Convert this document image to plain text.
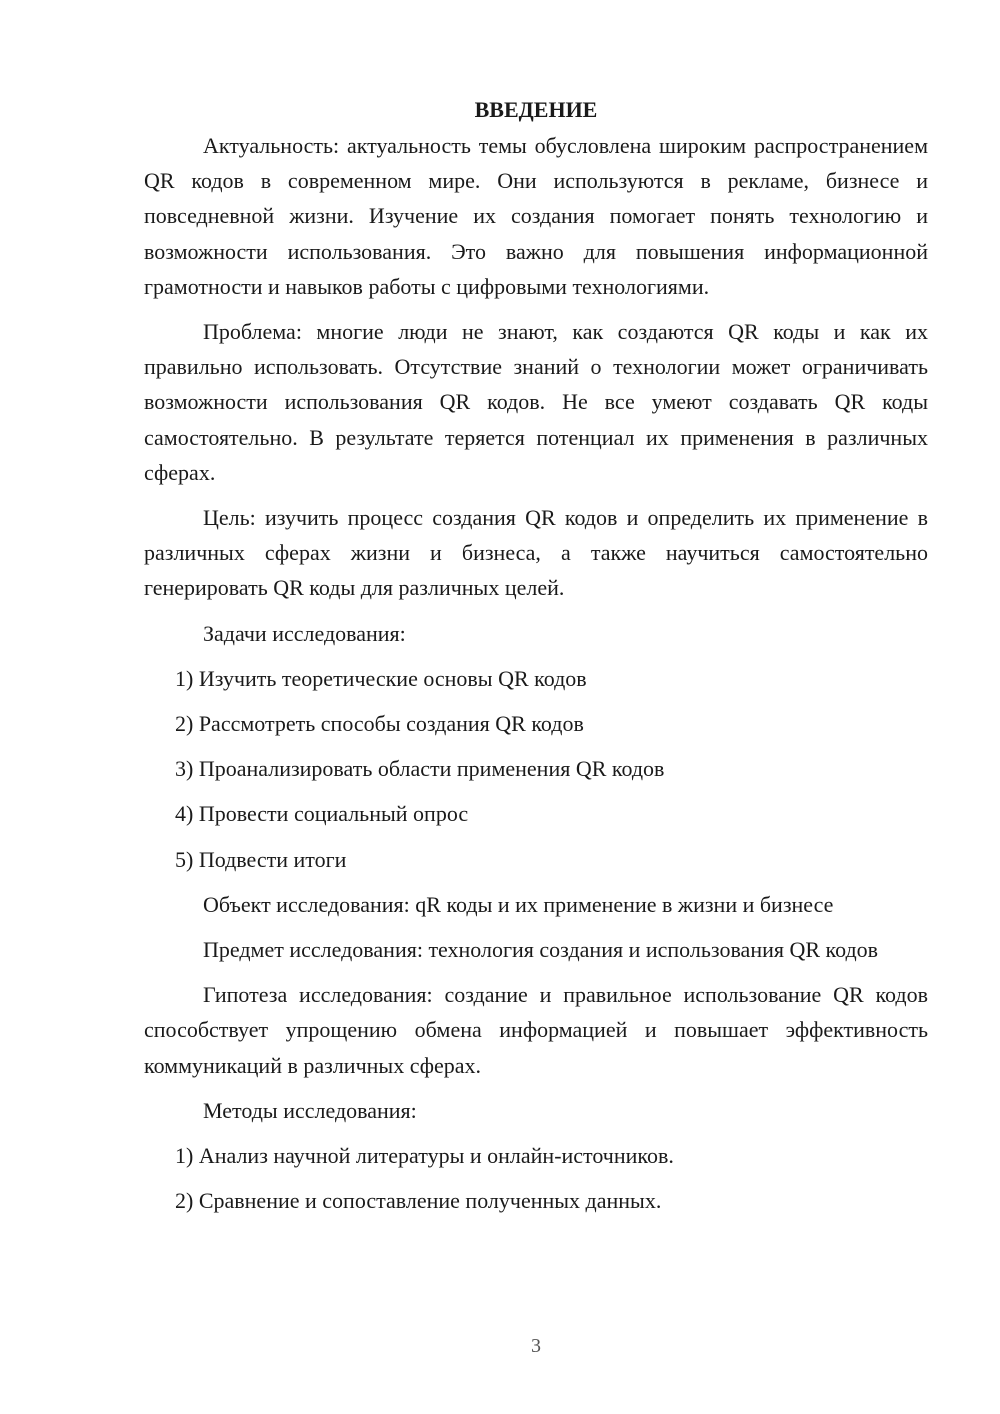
ВВЕДЕНИЕ

Актуальность: актуальность темы обусловлена широким распространением QR кодов в современном мире. Они используются в рекламе, бизнесе и повседневной жизни. Изучение их создания помогает понять технологию и возможности использования. Это важно для повышения информационной грамотности и навыков работы с цифровыми технологиями.

Проблема: многие люди не знают, как создаются QR коды и как их правильно использовать. Отсутствие знаний о технологии может ограничивать возможности использования QR кодов. Не все умеют создавать QR коды самостоятельно. В результате теряется потенциал их применения в различных сферах.

Цель: изучить процесс создания QR кодов и определить их применение в различных сферах жизни и бизнеса, а также научиться самостоятельно генерировать QR коды для различных целей.

Задачи исследования:

1) Изучить теоретические основы QR кодов
2) Рассмотреть способы создания QR кодов
3) Проанализировать области применения QR кодов
4) Провести социальный опрос
5) Подвести итоги

Объект исследования: qR коды и их применение в жизни и бизнесе

Предмет исследования: технология создания и использования QR кодов

Гипотеза исследования: создание и правильное использование QR кодов способствует упрощению обмена информацией и повышает эффективность коммуникаций в различных сферах.

Методы исследования:

1) Анализ научной литературы и онлайн-источников.
2) Сравнение и сопоставление полученных данных.
3
